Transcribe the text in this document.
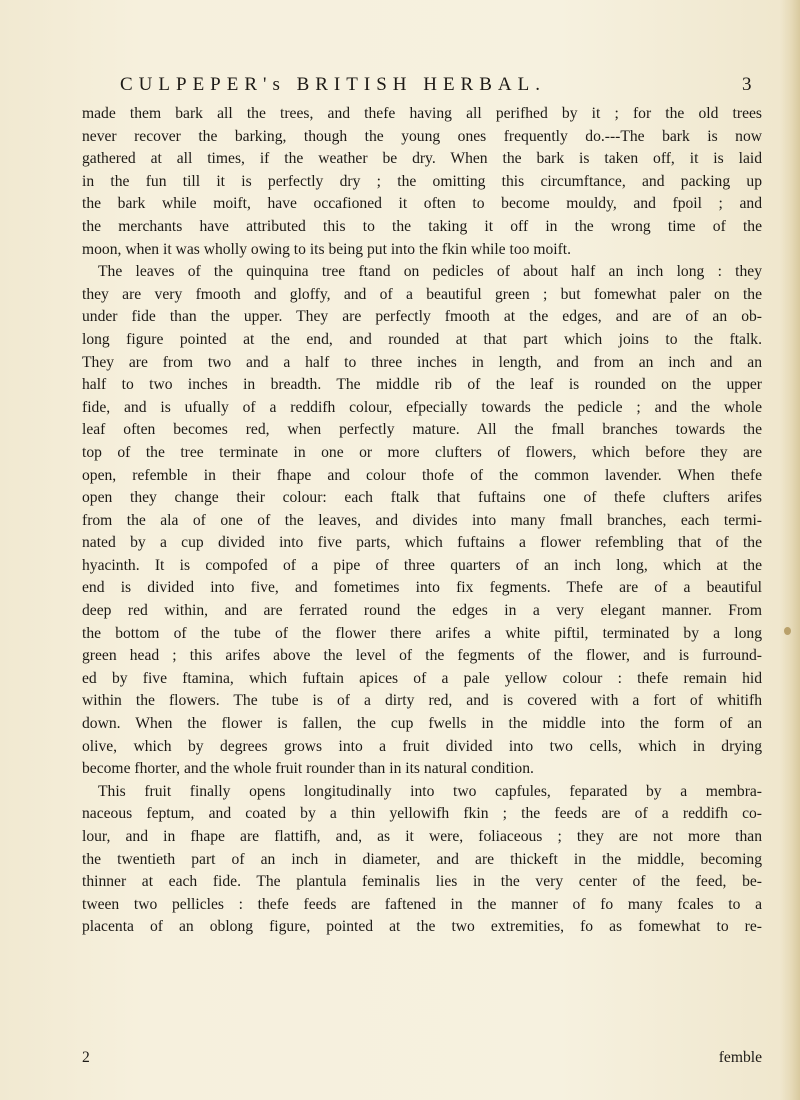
CULPEPER's BRITISH HERBAL.	3
made them bark all the trees, and thefe having all perifhed by it ; for the old trees
never recover the barking, though the young ones frequently do.---The bark is now
gathered at all times, if the weather be dry. When the bark is taken off, it is laid
in the fun till it is perfectly dry ; the omitting this circumftance, and packing up
the bark while moift, have occafioned it often to become mouldy, and fpoil ; and
the merchants have attributed this to the taking it off in the wrong time of the
moon, when it was wholly owing to its being put into the fkin while too moift.
The leaves of the quinquina tree ftand on pedicles of about half an inch long : they
they are very fmooth and gloffy, and of a beautiful green ; but fomewhat paler on the
under fide than the upper. They are perfectly fmooth at the edges, and are of an ob-
long figure pointed at the end, and rounded at that part which joins to the ftalk.
They are from two and a half to three inches in length, and from an inch and an
half to two inches in breadth. The middle rib of the leaf is rounded on the upper
fide, and is ufually of a reddifh colour, efpecially towards the pedicle ; and the whole
leaf often becomes red, when perfectly mature. All the fmall branches towards the
top of the tree terminate in one or more clufters of flowers, which before they are
open, refemble in their fhape and colour thofe of the common lavender. When thefe
open they change their colour: each ftalk that fuftains one of thefe clufters arifes
from the ala of one of the leaves, and divides into many fmall branches, each termi-
nated by a cup divided into five parts, which fuftains a flower refembling that of the
hyacinth. It is compofed of a pipe of three quarters of an inch long, which at the
end is divided into five, and fometimes into fix fegments. Thefe are of a beautiful
deep red within, and are ferrated round the edges in a very elegant manner. From
the bottom of the tube of the flower there arifes a white piftil, terminated by a long
green head ; this arifes above the level of the fegments of the flower, and is furround-
ed by five ftamina, which fuftain apices of a pale yellow colour : thefe remain hid
within the flowers. The tube is of a dirty red, and is covered with a fort of whitifh
down. When the flower is fallen, the cup fwells in the middle into the form of an
olive, which by degrees grows into a fruit divided into two cells, which in drying
become fhorter, and the whole fruit rounder than in its natural condition.
This fruit finally opens longitudinally into two capfules, feparated by a membra-
naceous feptum, and coated by a thin yellowifh fkin ; the feeds are of a reddifh co-
lour, and in fhape are flattifh, and, as it were, foliaceous ; they are not more than
the twentieth part of an inch in diameter, and are thickeft in the middle, becoming
thinner at each fide. The plantula feminalis lies in the very center of the feed, be-
tween two pellicles : thefe feeds are faftened in the manner of fo many fcales to a
placenta of an oblong figure, pointed at the two extremities, fo as fomewhat to re-
2	femble
